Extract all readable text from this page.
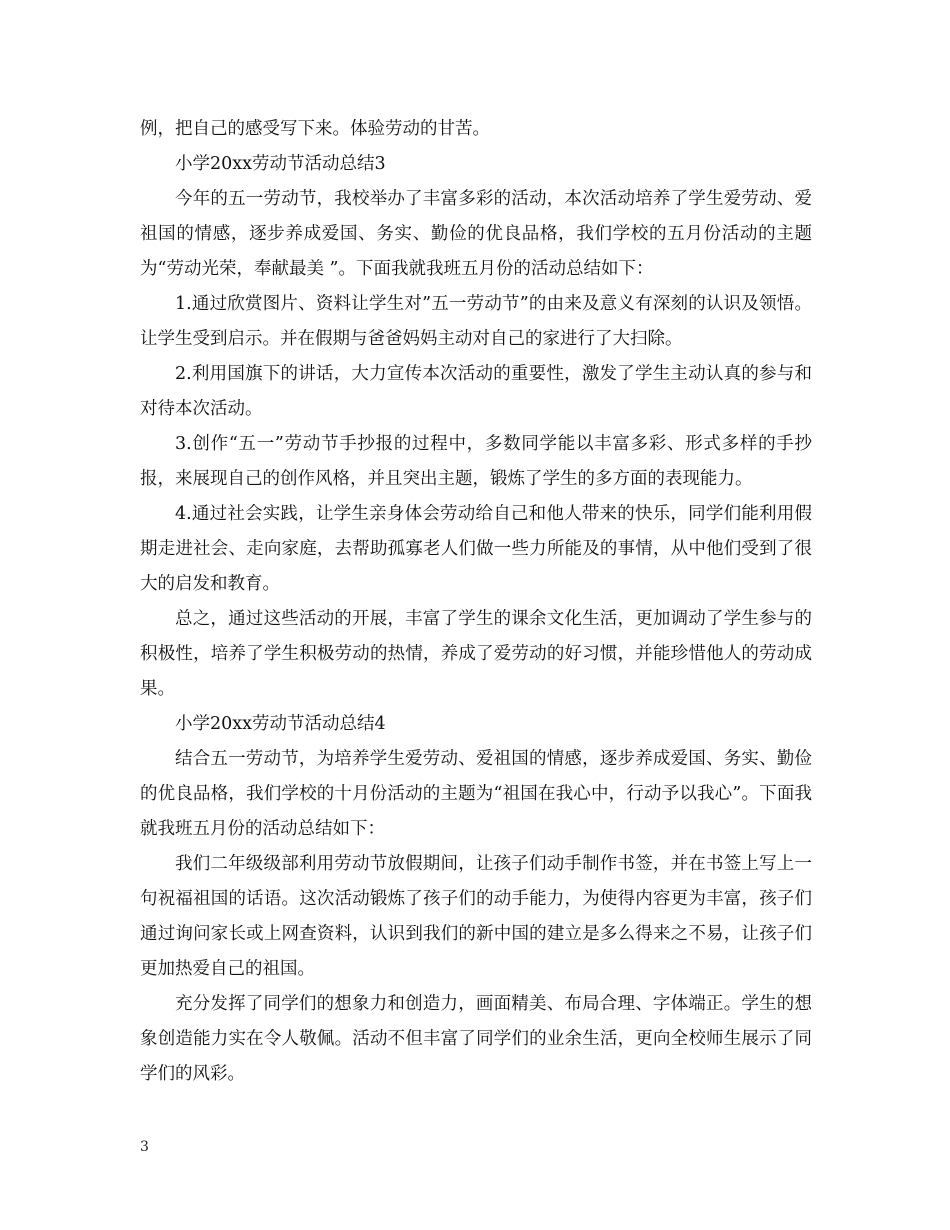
例，把自己的感受写下来。体验劳动的甘苦。

小学20xx劳动节活动总结3

今年的五一劳动节，我校举办了丰富多彩的活动，本次活动培养了学生爱劳动、爱祖国的情感，逐步养成爱国、务实、勤俭的优良品格，我们学校的五月份活动的主题为“劳动光荣，奉献最美 ”。下面我就我班五月份的活动总结如下：

1.通过欣赏图片、资料让学生对”五一劳动节”的由来及意义有深刻的认识及领悟。让学生受到启示。并在假期与爸爸妈妈主动对自己的家进行了大扫除。

2.利用国旗下的讲话，大力宣传本次活动的重要性，激发了学生主动认真的参与和对待本次活动。

3.创作“五一”劳动节手抄报的过程中，多数同学能以丰富多彩、形式多样的手抄报，来展现自己的创作风格，并且突出主题，锻炼了学生的多方面的表现能力。

4.通过社会实践，让学生亲身体会劳动给自己和他人带来的快乐，同学们能利用假期走进社会、走向家庭，去帮助孤寡老人们做一些力所能及的事情，从中他们受到了很大的启发和教育。

总之，通过这些活动的开展，丰富了学生的课余文化生活，更加调动了学生参与的积极性，培养了学生积极劳动的热情，养成了爱劳动的好习惯，并能珍惜他人的劳动成果。

小学20xx劳动节活动总结4

结合五一劳动节，为培养学生爱劳动、爱祖国的情感，逐步养成爱国、务实、勤俭的优良品格，我们学校的十月份活动的主题为“祖国在我心中，行动予以我心”。下面我就我班五月份的活动总结如下：

我们二年级级部利用劳动节放假期间，让孩子们动手制作书签，并在书签上写上一句祝福祖国的话语。这次活动锻炼了孩子们的动手能力，为使得内容更为丰富，孩子们通过询问家长或上网查资料，认识到我们的新中国的建立是多么得来之不易，让孩子们更加热爱自己的祖国。

充分发挥了同学们的想象力和创造力，画面精美、布局合理、字体端正。学生的想象创造能力实在令人敬佩。活动不但丰富了同学们的业余生活，更向全校师生展示了同学们的风彩。

3
